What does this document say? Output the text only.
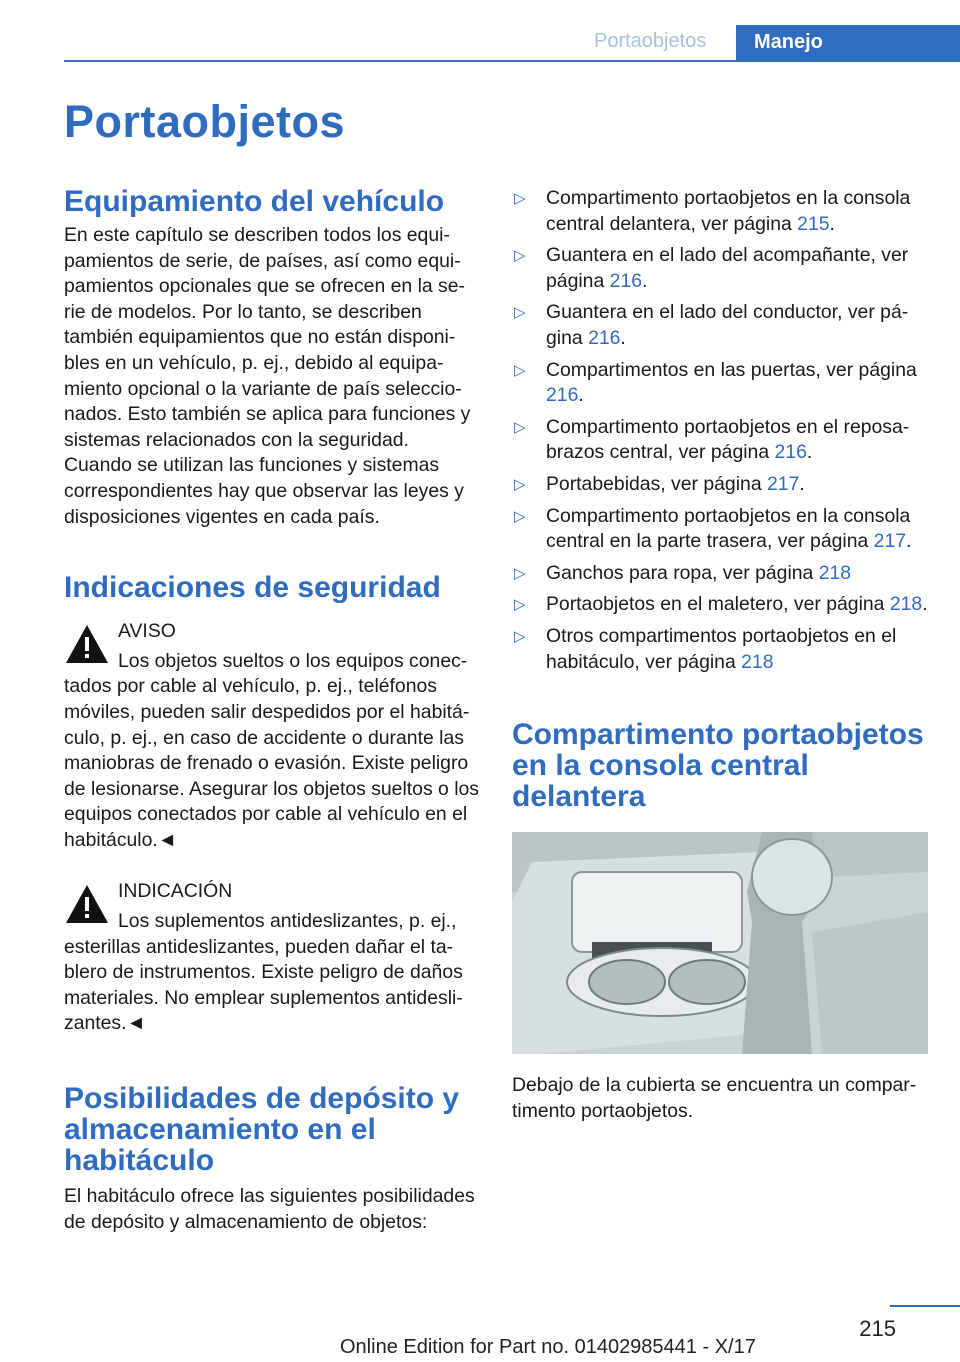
Portaobjetos	Manejo
Portaobjetos
Equipamiento del vehículo

En este capítulo se describen todos los equipamientos de serie, de países, así como equipamientos opcionales que se ofrecen en la serie de modelos. Por lo tanto, se describen también equipamientos que no están disponibles en un vehículo, p. ej., debido al equipamiento opcional o la variante de país seleccionados. Esto también se aplica para funciones y sistemas relacionados con la seguridad. Cuando se utilizan las funciones y sistemas correspondientes hay que observar las leyes y disposiciones vigentes en cada país.

Indicaciones de seguridad
AVISO

Los objetos sueltos o los equipos conectados por cable al vehículo, p. ej., teléfonos móviles, pueden salir despedidos por el habitáculo, p. ej., en caso de accidente o durante las maniobras de frenado o evasión. Existe peligro de lesionarse. Asegurar los objetos sueltos o los equipos conectados por cable al vehículo en el habitáculo.◄

INDICACIÓN

Los suplementos antideslizantes, p. ej., esterillas antideslizantes, pueden dañar el tablero de instrumentos. Existe peligro de daños materiales. No emplear suplementos antideslizantes.◄

Posibilidades de depósito y almacenamiento en el habitáculo

El habitáculo ofrece las siguientes posibilidades de depósito y almacenamiento de objetos:

▷ Compartimento portaobjetos en la consola central delantera, ver página 215.
▷ Guantera en el lado del acompañante, ver página 216.
▷ Guantera en el lado del conductor, ver página 216.
▷ Compartimentos en las puertas, ver página 216.
▷ Compartimento portaobjetos en el reposabrazos central, ver página 216.
▷ Portabebidas, ver página 217.
▷ Compartimento portaobjetos en la consola central en la parte trasera, ver página 217.
▷ Ganchos para ropa, ver página 218
▷ Portaobjetos en el maletero, ver página 218.
▷ Otros compartimentos portaobjetos en el habitáculo, ver página 218
Compartimento portaobjetos en la consola central delantera

Debajo de la cubierta se encuentra un compartimento portaobjetos.

215
Online Edition for Part no. 01402985441 - X/17
